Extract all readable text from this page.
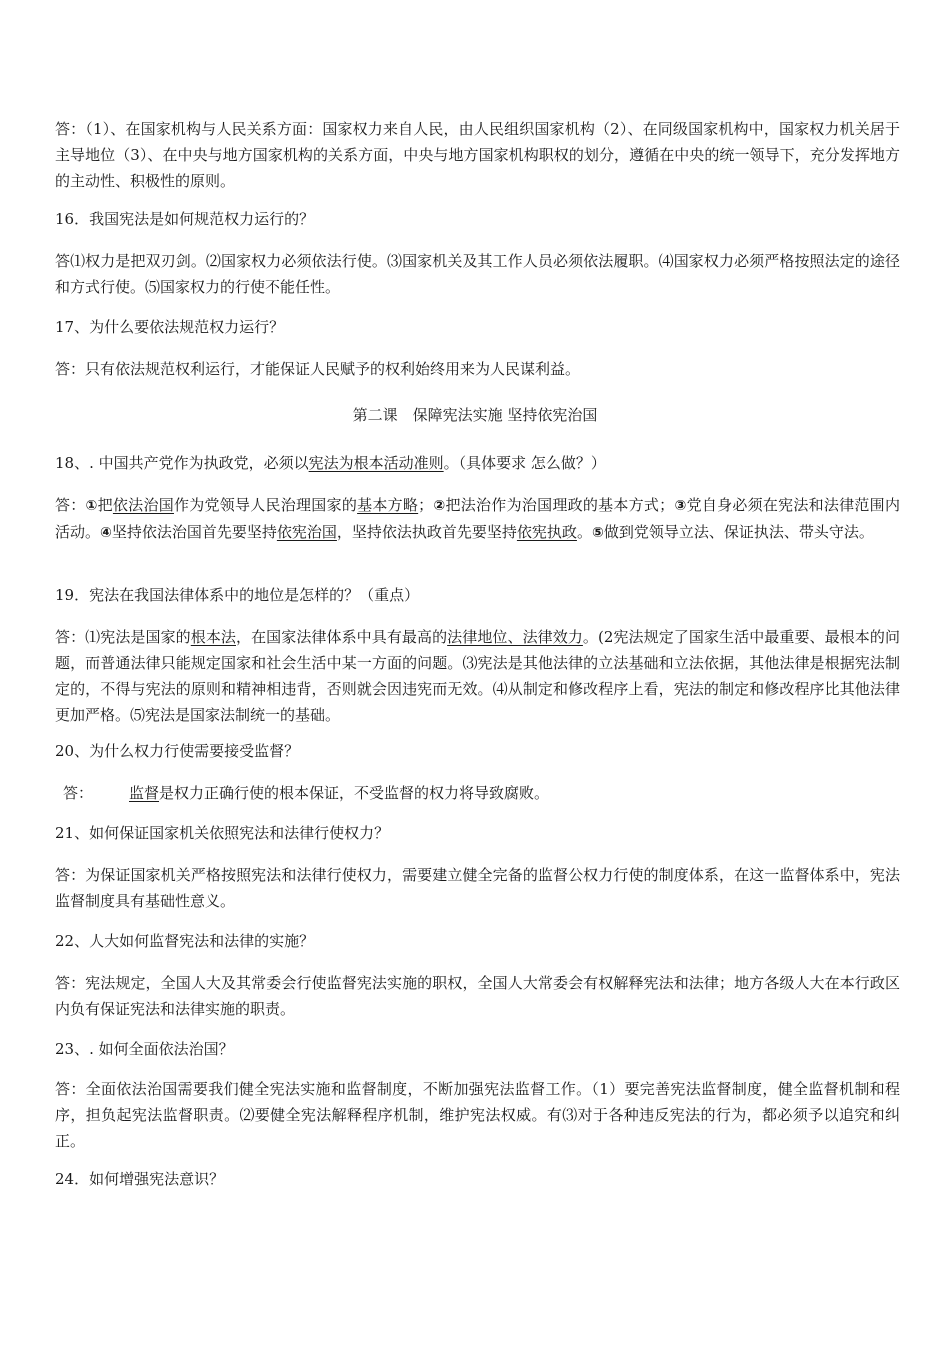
答：（1）、在国家机构与人民关系方面：国家权力来自人民，由人民组织国家机构（2）、在同级国家机构中，国家权力机关居于主导地位（3）、在中央与地方国家机构的关系方面，中央与地方国家机构职权的划分，遵循在中央的统一领导下，充分发挥地方的主动性、积极性的原则。

16．我国宪法是如何规范权力运行的？

答⑴权力是把双刃剑。⑵国家权力必须依法行使。⑶国家机关及其工作人员必须依法履职。⑷国家权力必须严格按照法定的途径和方式行使。⑸国家权力的行使不能任性。

17、为什么要依法规范权力运行？

答：只有依法规范权利运行，才能保证人民赋予的权利始终用来为人民谋利益。

第二课　保障宪法实施 坚持依宪治国

18、. 中国共产党作为执政党，必须以宪法为根本活动准则。（具体要求 怎么做？）

答：①把依法治国作为党领导人民治理国家的基本方略；②把法治作为治国理政的基本方式；③党自身必须在宪法和法律范围内活动。④坚持依法治国首先要坚持依宪治国，坚持依法执政首先要坚持依宪执政。⑤做到党领导立法、保证执法、带头守法。

19．宪法在我国法律体系中的地位是怎样的？（重点）

答：⑴宪法是国家的根本法，在国家法律体系中具有最高的法律地位、法律效力。(2宪法规定了国家生活中最重要、最根本的问题，而普通法律只能规定国家和社会生活中某一方面的问题。⑶宪法是其他法律的立法基础和立法依据，其他法律是根据宪法制定的，不得与宪法的原则和精神相违背，否则就会因违宪而无效。⑷从制定和修改程序上看，宪法的制定和修改程序比其他法律更加严格。⑸宪法是国家法制统一的基础。

20、为什么权力行使需要接受监督？

答： 监督是权力正确行使的根本保证，不受监督的权力将导致腐败。

21、如何保证国家机关依照宪法和法律行使权力？

答：为保证国家机关严格按照宪法和法律行使权力，需要建立健全完备的监督公权力行使的制度体系，在这一监督体系中，宪法监督制度具有基础性意义。

22、人大如何监督宪法和法律的实施？

答：宪法规定，全国人大及其常委会行使监督宪法实施的职权，全国人大常委会有权解释宪法和法律；地方各级人大在本行政区内负有保证宪法和法律实施的职责。

23、. 如何全面依法治国？

答：全面依法治国需要我们健全宪法实施和监督制度，不断加强宪法监督工作。（1）要完善宪法监督制度，健全监督机制和程序，担负起宪法监督职责。⑵要健全宪法解释程序机制，维护宪法权威。有⑶对于各种违反宪法的行为，都必须予以追究和纠正。

24．如何增强宪法意识？
